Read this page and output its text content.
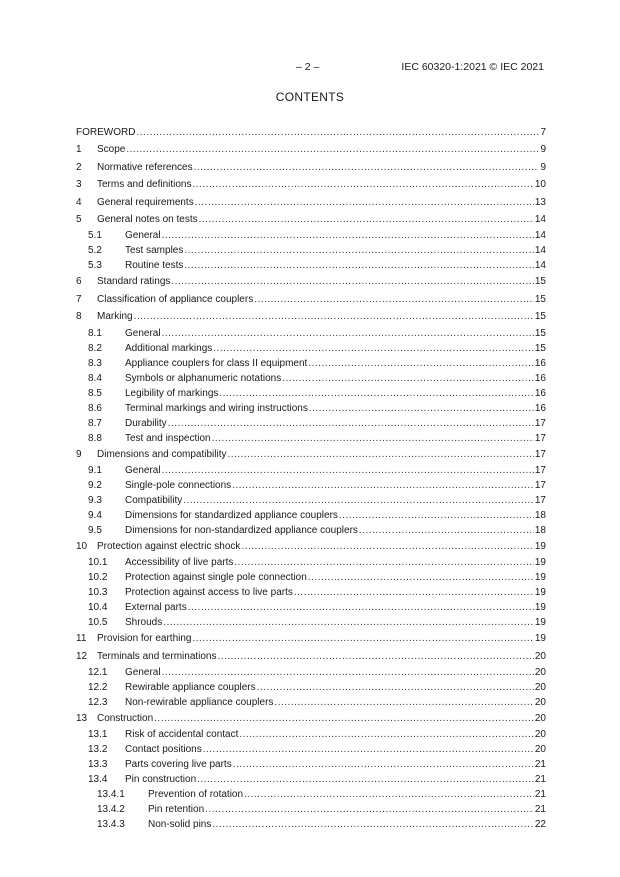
– 2 –	IEC 60320-1:2021 © IEC 2021
CONTENTS
FOREWORD .....	7
1	Scope .....	9
2	Normative references .....	9
3	Terms and definitions .....	10
4	General requirements .....	13
5	General notes on tests .....	14
5.1	General .....	14
5.2	Test samples .....	14
5.3	Routine tests .....	14
6	Standard ratings .....	15
7	Classification of appliance couplers .....	15
8	Marking .....	15
8.1	General .....	15
8.2	Additional markings .....	15
8.3	Appliance couplers for class II equipment .....	16
8.4	Symbols or alphanumeric notations .....	16
8.5	Legibility of markings .....	16
8.6	Terminal markings and wiring instructions .....	16
8.7	Durability .....	17
8.8	Test and inspection .....	17
9	Dimensions and compatibility .....	17
9.1	General .....	17
9.2	Single-pole connections .....	17
9.3	Compatibility .....	17
9.4	Dimensions for standardized appliance couplers .....	18
9.5	Dimensions for non-standardized appliance couplers .....	18
10 Protection against electric shock .....	19
10.1	Accessibility of live parts .....	19
10.2	Protection against single pole connection .....	19
10.3	Protection against access to live parts .....	19
10.4	External parts .....	19
10.5	Shrouds .....	19
11	Provision for earthing .....	19
12 Terminals and terminations .....	20
12.1	General .....	20
12.2	Rewirable appliance couplers .....	20
12.3	Non-rewirable appliance couplers .....	20
13 Construction .....	20
13.1	Risk of accidental contact .....	20
13.2	Contact positions .....	20
13.3	Parts covering live parts .....	21
13.4	Pin construction .....	21
13.4.1	Prevention of rotation .....	21
13.4.2	Pin retention .....	21
13.4.3	Non-solid pins .....	22
